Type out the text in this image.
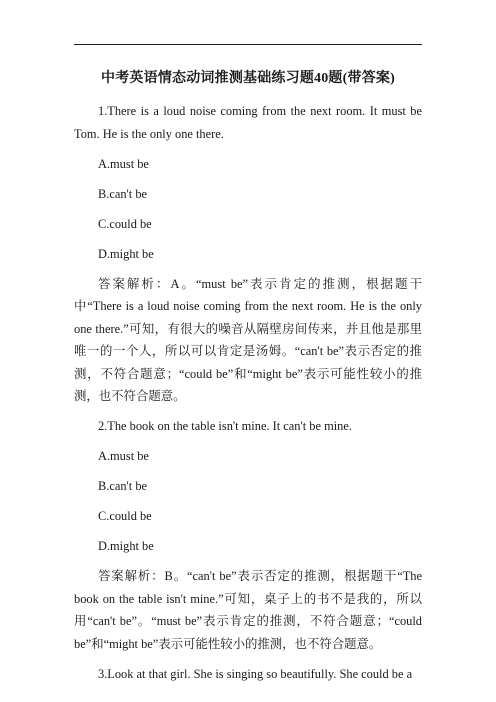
中考英语情态动词推测基础练习题40题(带答案)

1.There is a loud noise coming from the next room. It must be Tom. He is the only one there.

A.must be
B.can't be
C.could be
D.might be

答案解析：A。“must be”表示肯定的推测，根据题干中“There is a loud noise coming from the next room. He is the only one there.”可知，有很大的噪音从隔壁房间传来，并且他是那里唯一的一个人，所以可以肯定是汤姆。“can't be”表示否定的推测，不符合题意；“could be”和“might be”表示可能性较小的推测，也不符合题意。

2.The book on the table isn't mine. It can't be mine.

A.must be
B.can't be
C.could be
D.might be

答案解析：B。“can't be”表示否定的推测，根据题干“The book on the table isn't mine.”可知，桌子上的书不是我的，所以用“can't be”。“must be”表示肯定的推测，不符合题意；“could be”和“might be”表示可能性较小的推测，也不符合题意。

3.Look at that girl. She is singing so beautifully. She could be a
